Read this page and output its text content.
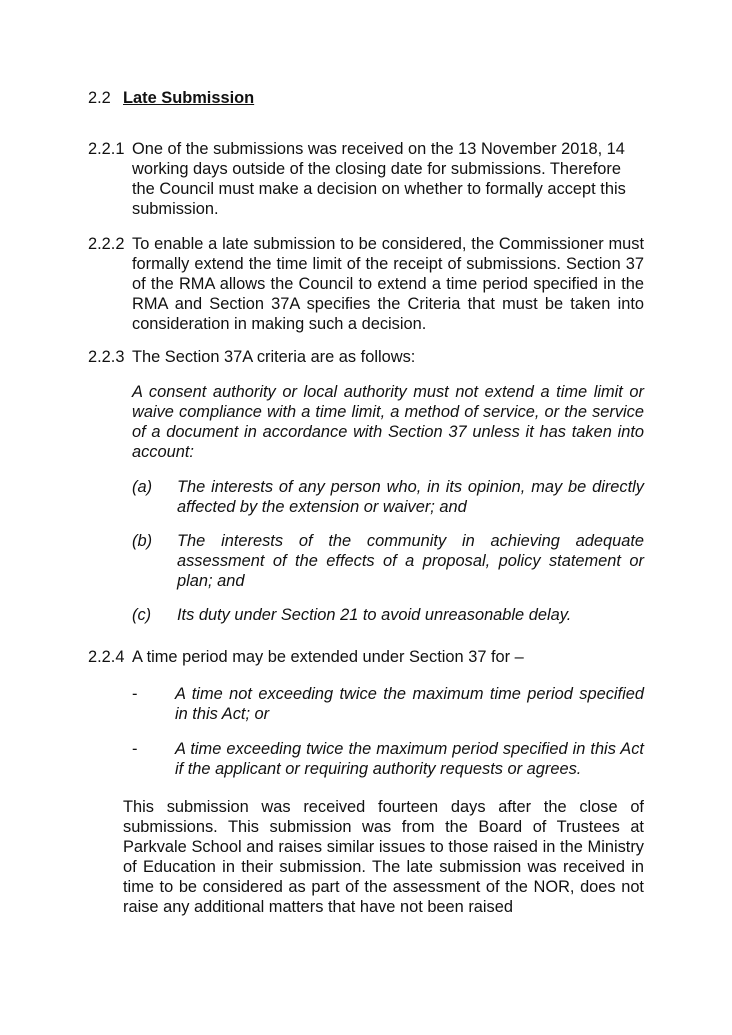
2.2 Late Submission
2.2.1 One of the submissions was received on the 13 November 2018, 14 working days outside of the closing date for submissions. Therefore the Council must make a decision on whether to formally accept this submission.
2.2.2 To enable a late submission to be considered, the Commissioner must formally extend the time limit of the receipt of submissions. Section 37 of the RMA allows the Council to extend a time period specified in the RMA and Section 37A specifies the Criteria that must be taken into consideration in making such a decision.
2.2.3 The Section 37A criteria are as follows:
A consent authority or local authority must not extend a time limit or waive compliance with a time limit, a method of service, or the service of a document in accordance with Section 37 unless it has taken into account:
(a) The interests of any person who, in its opinion, may be directly affected by the extension or waiver; and
(b) The interests of the community in achieving adequate assessment of the effects of a proposal, policy statement or plan; and
(c) Its duty under Section 21 to avoid unreasonable delay.
2.2.4 A time period may be extended under Section 37 for –
- A time not exceeding twice the maximum time period specified in this Act; or
- A time exceeding twice the maximum period specified in this Act if the applicant or requiring authority requests or agrees.
This submission was received fourteen days after the close of submissions. This submission was from the Board of Trustees at Parkvale School and raises similar issues to those raised in the Ministry of Education in their submission. The late submission was received in time to be considered as part of the assessment of the NOR, does not raise any additional matters that have not been raised
